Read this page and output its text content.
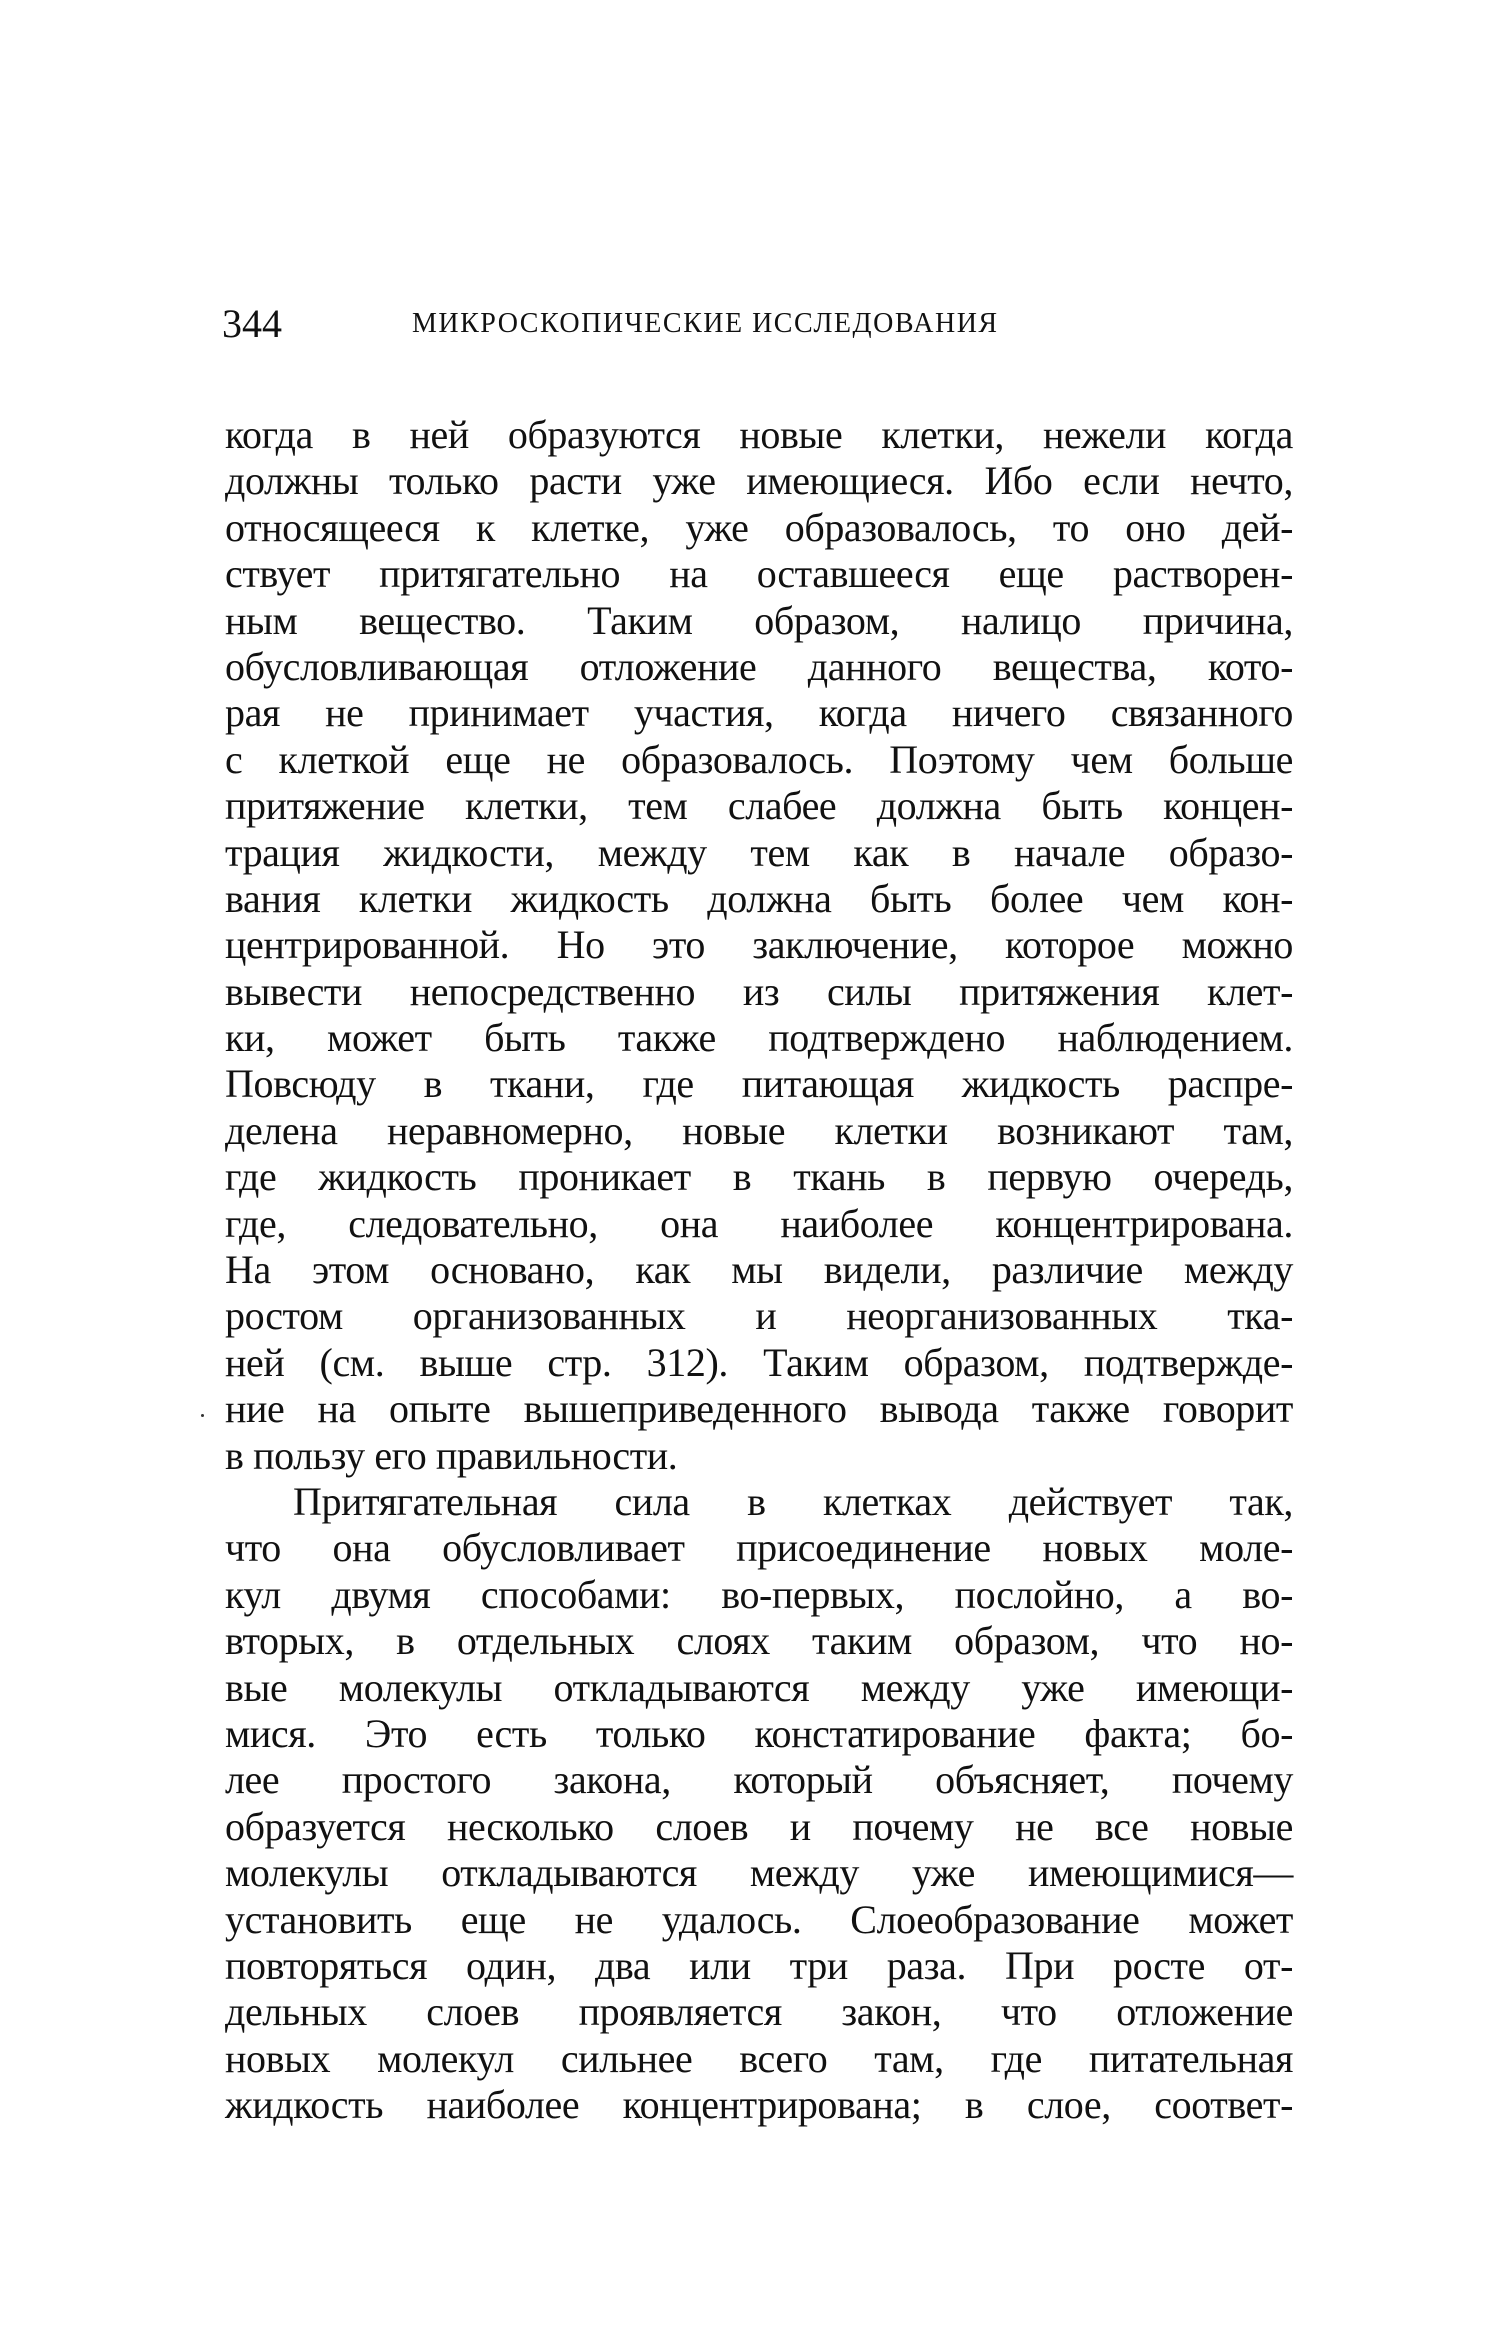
344	МИКРОСКОПИЧЕСКИЕ ИССЛЕДОВАНИЯ
когда в ней образуются новые клетки, нежели когда
должны только расти уже имеющиеся. Ибо если нечто,
относящееся к клетке, уже образовалось, то оно дей-
ствует притягательно на оставшееся еще растворен-
ным вещество. Таким образом, налицо причина,
обусловливающая отложение данного вещества, кото-
рая не принимает участия, когда ничего связанного
с клеткой еще не образовалось. Поэтому чем больше
притяжение клетки, тем слабее должна быть концен-
трация жидкости, между тем как в начале образо-
вания клетки жидкость должна быть более чем кон-
центрированной. Но это заключение, которое можно
вывести непосредственно из силы притяжения клет-
ки, может быть также подтверждено наблюдением.
Повсюду в ткани, где питающая жидкость распре-
делена неравномерно, новые клетки возникают там,
где жидкость проникает в ткань в первую очередь,
где, следовательно, она наиболее концентрирована.
На этом основано, как мы видели, различие между
ростом организованных и неорганизованных тка-
ней (см. выше стр. 312). Таким образом, подтвержде-
ние на опыте вышеприведенного вывода также говорит
в пользу его правильности.
Притягательная сила в клетках действует так,
что она обусловливает присоединение новых моле-
кул двумя способами: во-первых, послойно, а во-
вторых, в отдельных слоях таким образом, что но-
вые молекулы откладываются между уже имеющи-
мися. Это есть только констатирование факта; бо-
лее простого закона, который объясняет, почему
образуется несколько слоев и почему не все новые
молекулы откладываются между уже имеющимися—
установить еще не удалось. Слоеобразование может
повторяться один, два или три раза. При росте от-
дельных слоев проявляется закон, что отложение
новых молекул сильнее всего там, где питательная
жидкость наиболее концентрирована; в слое, соответ-
